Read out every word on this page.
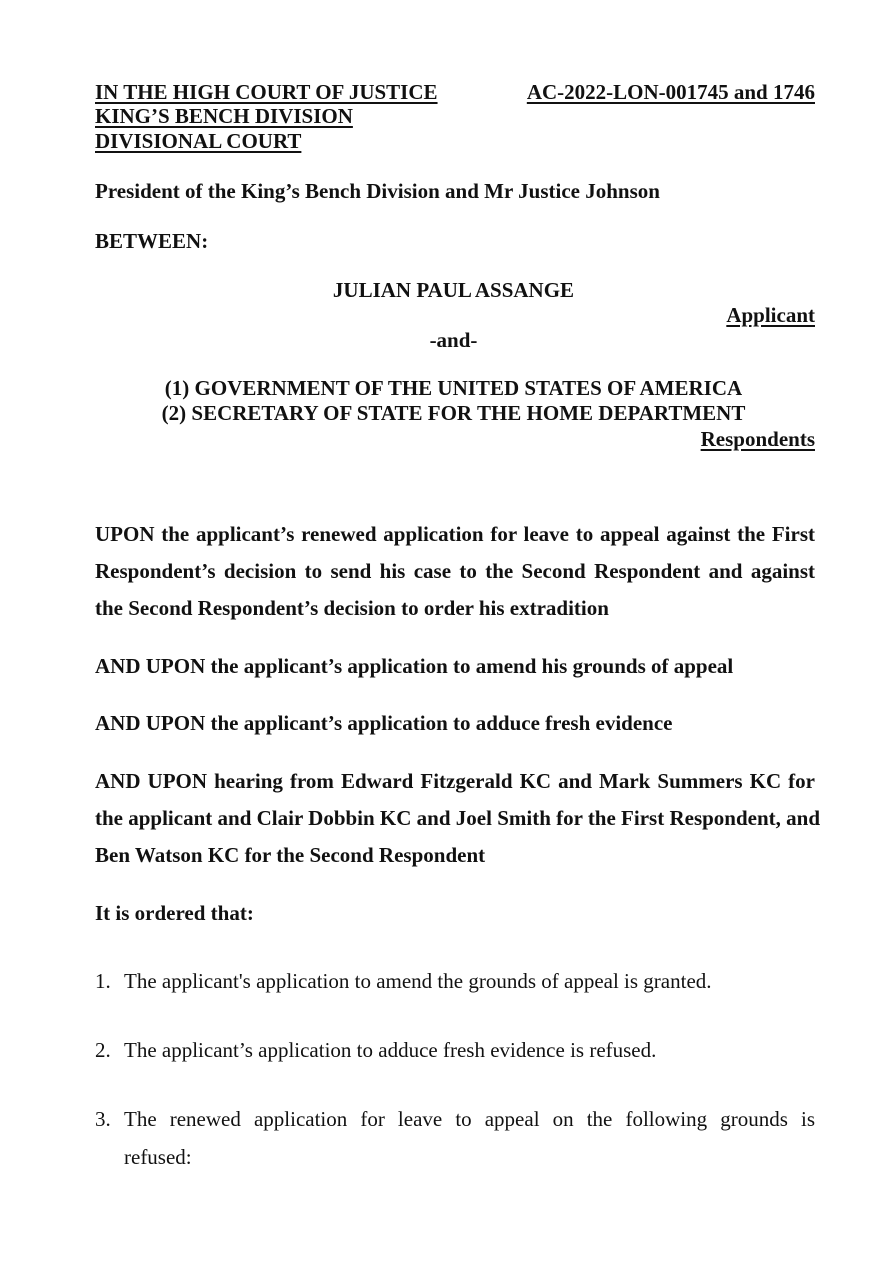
IN THE HIGH COURT OF JUSTICE
KING’S BENCH DIVISION
DIVISIONAL COURT
AC-2022-LON-001745 and 1746
President of the King’s Bench Division and Mr Justice Johnson
BETWEEN:
JULIAN PAUL ASSANGE
Applicant
-and-
(1) GOVERNMENT OF THE UNITED STATES OF AMERICA
(2) SECRETARY OF STATE FOR THE HOME DEPARTMENT
Respondents
UPON the applicant’s renewed application for leave to appeal against the First
Respondent’s decision to send his case to the Second Respondent and against
the Second Respondent’s decision to order his extradition
AND UPON the applicant’s application to amend his grounds of appeal
AND UPON the applicant’s application to adduce fresh evidence
AND UPON hearing from Edward Fitzgerald KC and Mark Summers KC for
the applicant and Clair Dobbin KC and Joel Smith for the First Respondent, and
Ben Watson KC for the Second Respondent
It is ordered that:
1. The applicant's application to amend the grounds of appeal is granted.
2. The applicant’s application to adduce fresh evidence is refused.
3. The renewed application for leave to appeal on the following grounds is
refused:
